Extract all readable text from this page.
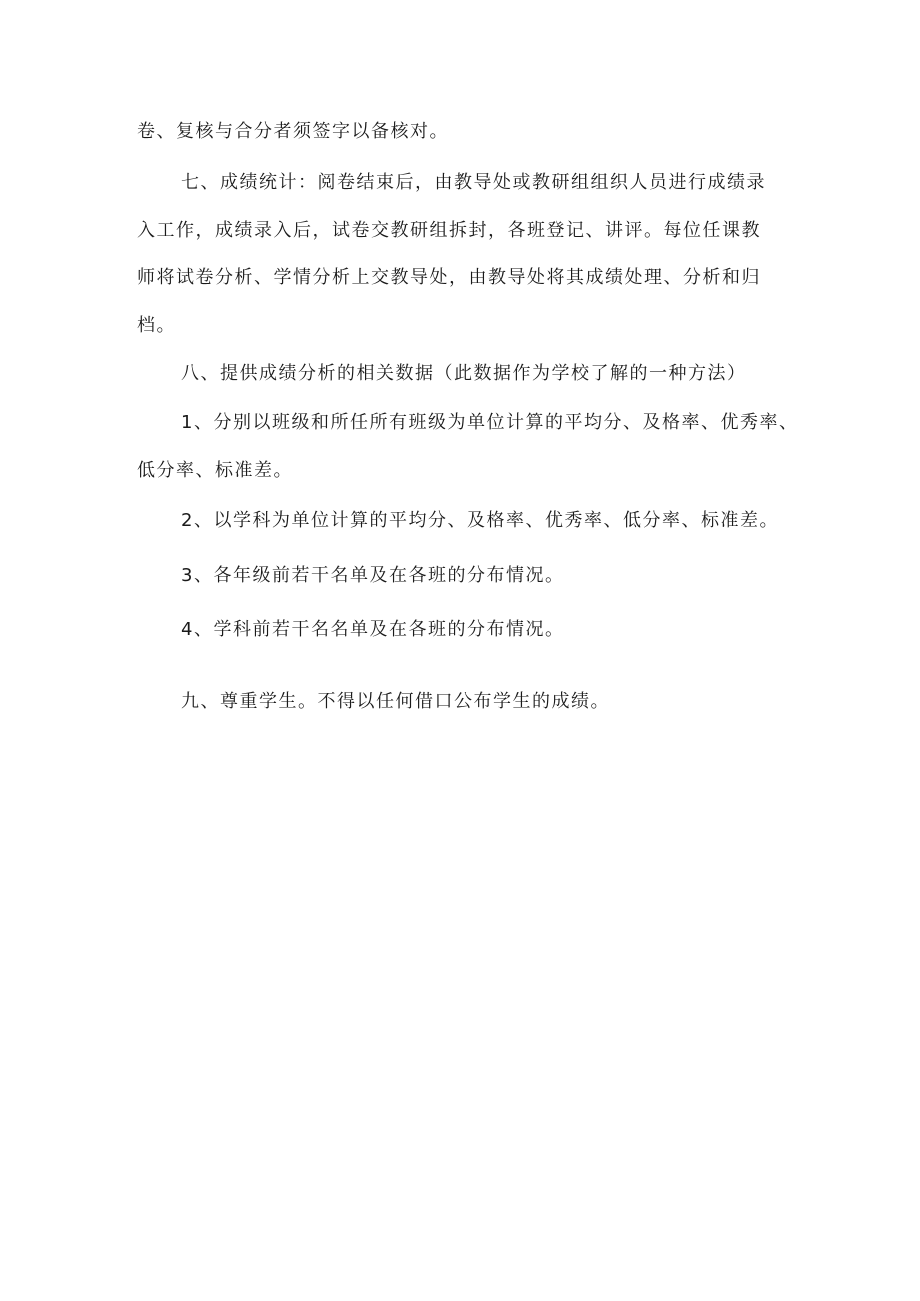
卷、复核与合分者须签字以备核对。
七、成绩统计：阅卷结束后，由教导处或教研组组织人员进行成绩录
入工作，成绩录入后，试卷交教研组拆封，各班登记、讲评。每位任课教
师将试卷分析、学情分析上交教导处，由教导处将其成绩处理、分析和归
档。
八、提供成绩分析的相关数据（此数据作为学校了解的一种方法）
1、分别以班级和所任所有班级为单位计算的平均分、及格率、优秀率、
低分率、标准差。
2、以学科为单位计算的平均分、及格率、优秀率、低分率、标准差。
3、各年级前若干名单及在各班的分布情况。
4、学科前若干名名单及在各班的分布情况。
九、尊重学生。不得以任何借口公布学生的成绩。
